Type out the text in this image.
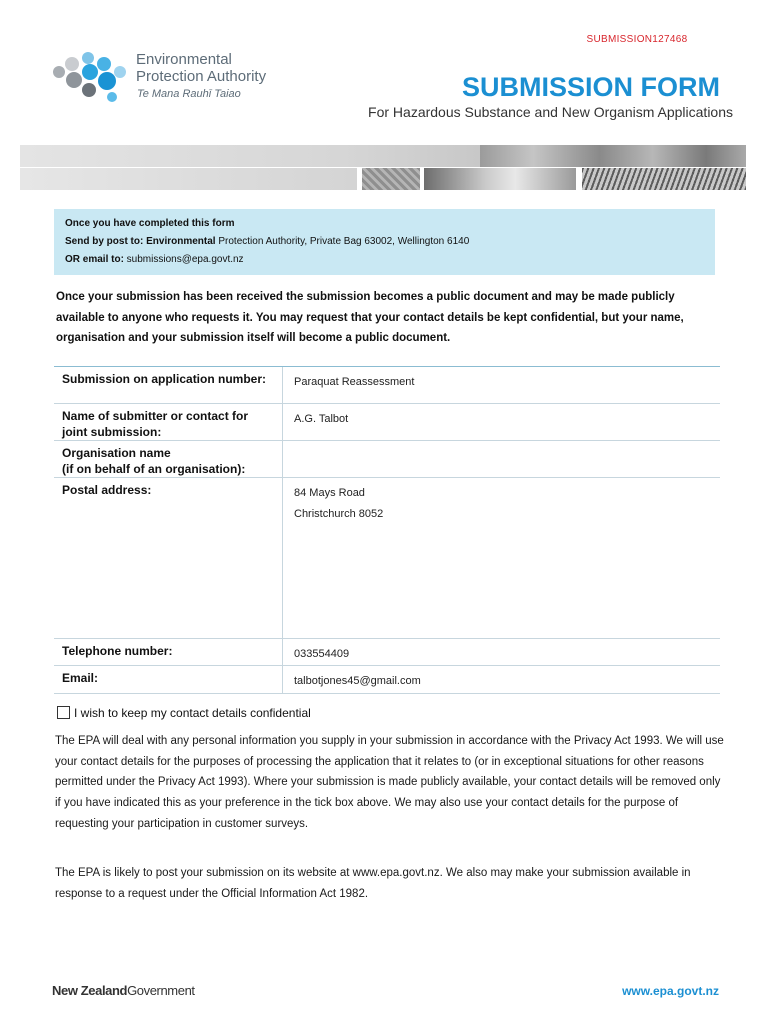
SUBMISSION127468
Environmental
Protection Authority
Te Mana Rauhī Taiao	SUBMISSION FORM
For Hazardous Substance and New Organism Applications
Once you have completed this form
Send by post to: Environmental Protection Authority, Private Bag 63002, Wellington 6140
OR email to: submissions@epa.govt.nz
Once your submission has been received the submission becomes a public document and may be made publicly available to anyone who requests it. You may request that your contact details be kept confidential, but your name, organisation and your submission itself will become a public document.
Submission on application number:	Paraquat Reassessment
Name of submitter or contact for joint submission:
A.G. Talbot
Organisation name
(if on behalf of an organisation):
Postal address:	84 Mays Road
Christchurch 8052
Telephone number:	033554409
Email:	talbotjones45@gmail.com
I wish to keep my contact details confidential
The EPA will deal with any personal information you supply in your submission in accordance with the Privacy Act 1993. We will use your contact details for the purposes of processing the application that it relates to (or in exceptional situations for other reasons permitted under the Privacy Act 1993). Where your submission is made publicly available, your contact details will be removed only if you have indicated this as your preference in the tick box above. We may also use your contact details for the purpose of requesting your participation in customer surveys.
The EPA is likely to post your submission on its website at www.epa.govt.nz. We also may make your submission available in response to a request under the Official Information Act 1982.
New ZealandGovernment	www.epa.govt.nz
